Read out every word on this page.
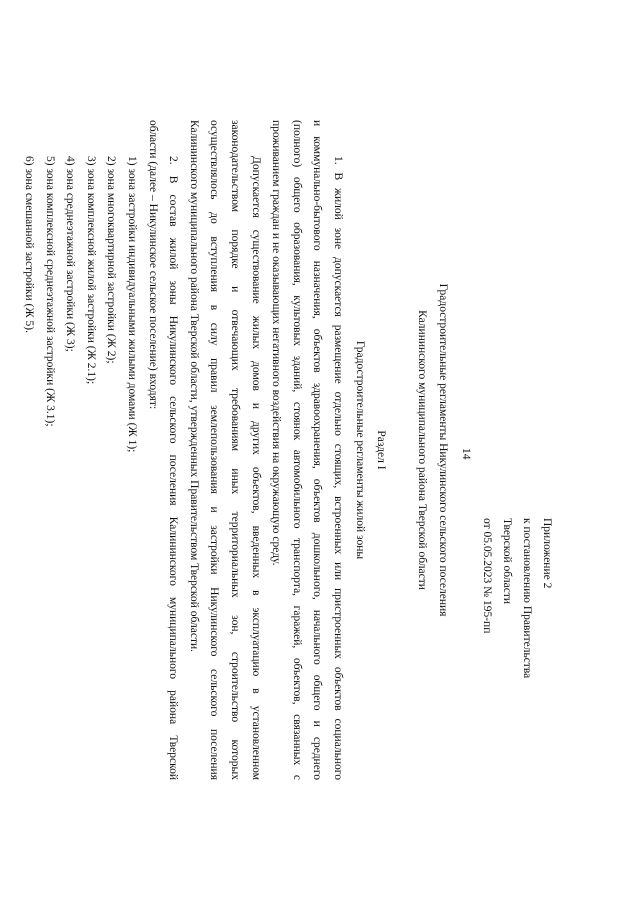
14
Приложение 2
к постановлению Правительства
Тверской области
от 05.05.2023 № 195-пп
Градостроительные регламенты Никулинского сельского поселения
Калининского муниципального района Тверской области
Раздел I
Градостроительные регламенты жилой зоны
1. В жилой зоне допускается размещение отдельно стоящих, встроенных или пристроенных объектов социального
и коммунально-бытового назначения, объектов здравоохранения, объектов дошкольного, начального общего и среднего
(полного) общего образования, культовых зданий, стоянок автомобильного транспорта, гаражей, объектов, связанных с
проживанием граждан и не оказывающих негативного воздействия на окружающую среду.
Допускается существование жилых домов и других объектов, введенных в эксплуатацию в установленном
законодательством порядке и отвечающих требованиям иных территориальных зон, строительство которых
осуществлялось до вступления в силу правил землепользования и застройки Никулинского сельского поселения
Калининского муниципального района Тверской области, утвержденных Правительством Тверской области.
2. В состав жилой зоны Никулинского сельского поселения Калининского муниципального района Тверской
области (далее – Никулинское сельское поселение) входят:
1) зона застройки индивидуальными жилыми домами (Ж 1);
2) зона многоквартирной застройки (Ж 2);
3) зона комплексной жилой застройки (Ж 2.1);
4) зона среднеэтажной застройки (Ж 3);
5) зона комплексной среднеэтажной застройки (Ж 3.1);
6) зона смешанной застройки (Ж 5).
